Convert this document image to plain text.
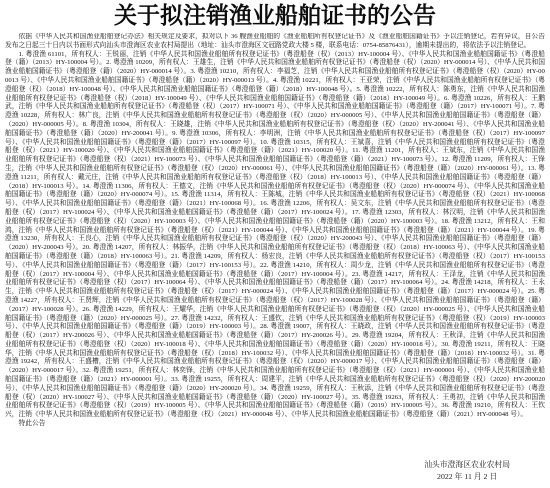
关于拟注销渔业船舶证书的公告

依据《中华人民共和国渔业船舶登记办法》相关规定及要求，拟对以下 36 艘渔业船舶的《渔业船舶所有权登记证书》及《渔业船舶国籍证书》予以注销登记，若有异议，自公告发布之日起三十日内以书面形式向汕头市澄海区农业农村局提出（地址：汕头市澄海区文冠路党政大楼 5 楼，联系电话：0754-85876431），逾期未提出的，将依法予以注销登记。

1. 粤澄渔 61101，所有权人：王锐丽，注销《中华人民共和国渔业船舶所有权登记证书》（粤澄船登（权）（2013）HY-100004 号）、《中华人民共和国渔业船舶国籍证书》（粤澄船登（籍）（2013）HY-100004 号）。2. 粤澄渔 10209，所有权人：王雄生，注销《中华人民共和国渔业船舶所有权登记证书》（粤澄船登（权）（2020）HY-000014 号）、《中华人民共和国渔业船舶国籍证书》（粤澄船登（籍）（2020）HY-000014 号）。3. 粤澄渔 10210，所有权人：李福芝，注销《中华人民共和国渔业船舶所有权登记证书》（粤澄船登（权）（2020）HY-000013 号）、《中华人民共和国渔业船舶国籍证书》（粤澄船登（籍）（2020）HY-000013 号）。4. 粤澄渔 10221，所有权人：王亚荣，注销《中华人民共和国渔业船舶所有权登记证书》（粤澄船登（权）（2018）HY-100048 号）、《中华人民共和国渔业船舶国籍证书》（粤澄船登（籍）（2018）HY-100048 号）。5. 粤澄渔 10222，所有权人：陈勇东，注销《中华人民共和国渔业船舶所有权登记证书》（粤澄船登（权）（2018）HY-100049 号）、《中华人民共和国渔业船舶国籍证书》（粤澄船登（籍）（2018）HY-100049 号）。6. 粤澄渔 10226，所有权人：王鹏武，注销《中华人民共和国渔业船舶所有权登记证书》（粤澄船登（权）（2017）HY-100071 号）、《中华人民共和国渔业船舶国籍证书》（粤澄船登（籍）（2017）HY-100071 号）。7. 粤澄渔 10228，所有权人：林广良，注销《中华人民共和国渔业船舶所有权登记证书》（粤澄船登（权）（2020）HY-000005 号）、《中华人民共和国渔业船舶国籍证书》（粤澄船登（籍）（2020）HY-000005 号）。8. 粤澄渔 10304，所有权人：王晓雄，注销《中华人民共和国渔业船舶所有权登记证书》（粤澄船登（权）（2020）HY-200041 号）、《中华人民共和国渔业船舶国籍证书》（粤澄船登（籍）（2020）HY-200041 号）。9. 粤澄渔 10306，所有权人：李明洲，注销《中华人民共和国渔业船舶所有权登记证书》（粤澄船登（权）（2017）HY-100097 号）、《中华人民共和国渔业船舶国籍证书》（粤澄船登（籍）（2017）HY-100097 号）。10. 粤澄渔 10315，所有权人：王斌喜，注销《中华人民共和国渔业船舶所有权登记证书》（粤澄船登（权）（2021）HY-100020 号）、《中华人民共和国渔业船舶国籍证书》（粤澄船登（籍）（2021）HY-100020 号）。11. 粤澄渔 11201，所有权人：王斌东，注销《中华人民共和国渔业船舶所有权登记证书》（粤澄船登（权）（2021）HY-100073 号）、《中华人民共和国渔业船舶国籍证书》（粤澄船登（籍）（2021）HY-100073 号）。12. 粤澄渔 11209，所有权人：王锋生，注销《中华人民共和国渔业船舶所有权登记证书》（粤澄船登（权）（2020）HY-000061 号）、《中华人民共和国渔业船舶国籍证书》（粤澄船登（籍）（2020）HY-000061 号）。13. 粤澄渔 11211，所有权人：戴元庄，注销《中华人民共和国渔业船舶所有权登记证书》（粤澄船登（权）（2018）HY-100013 号）、《中华人民共和国渔业船舶国籍证书》（粤澄船登（籍）（2018）HY-100013 号）。14. 粤澄渔 11306，所有权人：王德文，注销《中华人民共和国渔业船舶所有权登记证书》（粤澄船登（权）（2020）HY-000074 号）、《中华人民共和国渔业船舶国籍证书》（粤澄船登（籍）（2020）HY-000074 号）。15. 粤澄渔 11314，所有权人：王陈城，注销《中华人民共和国渔业船舶所有权登记证书》（粤澄船登（权）（2021）HY-100068 号）、《中华人民共和国渔业船舶国籍证书》（粤澄船登（籍）（2021）HY-100068 号）。16. 粤澄渔 12206，所有权人：吴文东，注销《中华人民共和国渔业船舶所有权登记证书》（粤澄船登（权）（2017）HY-100024 号）、《中华人民共和国渔业船舶国籍证书》（粤澄船登（籍）（2017）HY-100024 号）。17. 粤澄渔 12303，所有权人：林汉明，注销《中华人民共和国渔业船舶所有权登记证书》（粤澄船登（权）（2020）HY-100003 号）、《中华人民共和国渔业船舶国籍证书》（粤澄船登（籍）（2020）HY-100003 号）。18. 粤澄渔 13212，所有权人：王和鸿，注销《中华人民共和国渔业船舶所有权登记证书》（粤澄船登（权）（2021）HY-100044 号）、《中华人民共和国渔业船舶国籍证书》（粤澄船登（籍）（2021）HY-100044 号）。19. 粤澄渔 13230，所有权人：王良心，注销《中华人民共和国渔业船舶所有权登记证书》（粤澄船登（权）（2020）HY-200043 号）、《中华人民共和国渔业船舶国籍证书》（粤澄船登（籍）（2020）HY-200043 号）。20. 粤澄渔 14207，所有权人：林振华，注销《中华人民共和国渔业船舶所有权登记证书》（粤澄船登（权）（2018）HY-100063 号）、《中华人民共和国渔业船舶国籍证书》（粤澄船登（籍）（2018）HY-100063 号）。21. 粤澄渔 14209，所有权人：杨宏良，注销《中华人民共和国渔业船舶所有权登记证书》（粤澄船登（权）（2017）HY-100153 号）、《中华人民共和国渔业船舶国籍证书》（粤澄船登（籍）（2017）HY-100153 号）。22. 粤澄渔 14210，所有权人：周少龙，注销《中华人民共和国渔业船舶所有权登记证书》（粤澄船登（权）（2017）HY-100004 号）、《中华人民共和国渔业船舶国籍证书》（粤澄船登（籍）（2017）HY-100004 号）。23. 粤澄渔 14217，所有权人：王泽龙，注销《中华人民共和国渔业船舶所有权登记证书》（粤澄船登（权）（2017）HY-100064 号）、《中华人民共和国渔业船舶国籍证书》（粤澄船登（籍）（2017）HY-100064 号）。24. 粤澄渔 14218，所有权人：王永生，注销《中华人民共和国渔业船舶所有权登记证书》（粤澄船登（权）（2017）HY-000024 号）、《中华人民共和国渔业船舶国籍证书》（粤澄船登（籍）（2017）HY-000024 号）。25. 粤澄渔 14227，所有权人：王贤辉，注销《中华人民共和国渔业船舶所有权登记证书》（粤澄船登（权）（2017）HY-100028 号）、《中华人民共和国渔业船舶国籍证书》（粤澄船登（籍）（2017）HY-100028 号）。26. 粤澄渔 14229，所有权人：王耀华，注销《中华人民共和国渔业船舶所有权登记证书》（粤澄船登（权）（2020）HY-000025 号）、《中华人民共和国渔业船舶国籍证书》（粤澄船登（籍）（2020）HY-000025 号）。27. 粤澄渔 14232，所有权人：王盛钦，注销《中华人民共和国渔业船舶所有权登记证书》（粤澄船登（权）（2019）HY-100003 号）、《中华人民共和国渔业船舶国籍证书》（粤澄船登（籍）（2019）HY-100003 号）。28. 粤澄渔 19007，所有权人：王晓政，注销《中华人民共和国渔业船舶所有权登记证书》（粤澄船登（权）（2017）HY-200026 号）、《中华人民共和国渔业船舶国籍证书》（粤澄船登（籍）（2017）HY-200026 号）。29. 粤澄渔 19204，所有权人：王秋泽，注销《中华人民共和国渔业船舶所有权登记证书》（粤澄船登（权）（2020）HY-100018 号）、《中华人民共和国渔业船舶国籍证书》（粤澄船登（籍）（2020）HY-100018 号）。30. 粤澄渔 19211，所有权人：王晓华，注销《中华人民共和国渔业船舶所有权登记证书》（粤澄船登（权）（2018）HY-100032 号）、《中华人民共和国渔业船舶国籍证书》（粤澄船登（籍）（2018）HY-100032 号）。31. 粤澄渔 19242，所有权人：王盛槽，注销《中华人民共和国渔业船舶所有权登记证书》（粤澄船登（权）（2020）HY-000017 号）、《中华人民共和国渔业船舶国籍证书》（粤澄船登（籍）（2020）HY-000017 号）。32. 粤澄渔 19251，所有权人：林奕锋，注销《中华人民共和国渔业船舶所有权登记证书》（粤澄船登（权）（2021）HY-000001 号）、《中华人民共和国渔业船舶国籍证书》（粤澄船登（籍）（2021）HY-000001 号）。33. 粤澄渔 19255，所有权人：周建平，注销《中华人民共和国渔业船舶所有权登记证书》（粤澄船登（权）（2020）HY-200020 号）、《中华人民共和国渔业船舶国籍证书》（粤澄船登（籍）（2020）HY-200020 号）。34. 粤澄渔 19259，所有权人：王秋添，注销《中华人民共和国渔业船舶所有权登记证书》（粤澄船登（权）（2020）HY-100027 号）、《中华人民共和国渔业船舶国籍证书》（粤澄船登（籍）（2020）HY-100027 号）。35. 粤澄渔 19263，所有权人：王勇初，注销《中华人民共和国渔业船舶所有权登记证书》（粤澄船登（权）（2019）HY-100005 号）、《中华人民共和国渔业船舶国籍证书》（粤澄船登（籍）（2019）HY-100005 号）。36. 粤澄渔 19210，所有权人：王钦兴，注销《中华人民共和国渔业船舶所有权登记证书》（粤澄船登（权）（2021）HY-000048 号）、《中华人民共和国渔业船舶国籍证书》（粤澄船登（籍）（2021）HY-000048 号）。

特此公告

汕头市澄海区农业农村局
2022 年 11 月 2 日
